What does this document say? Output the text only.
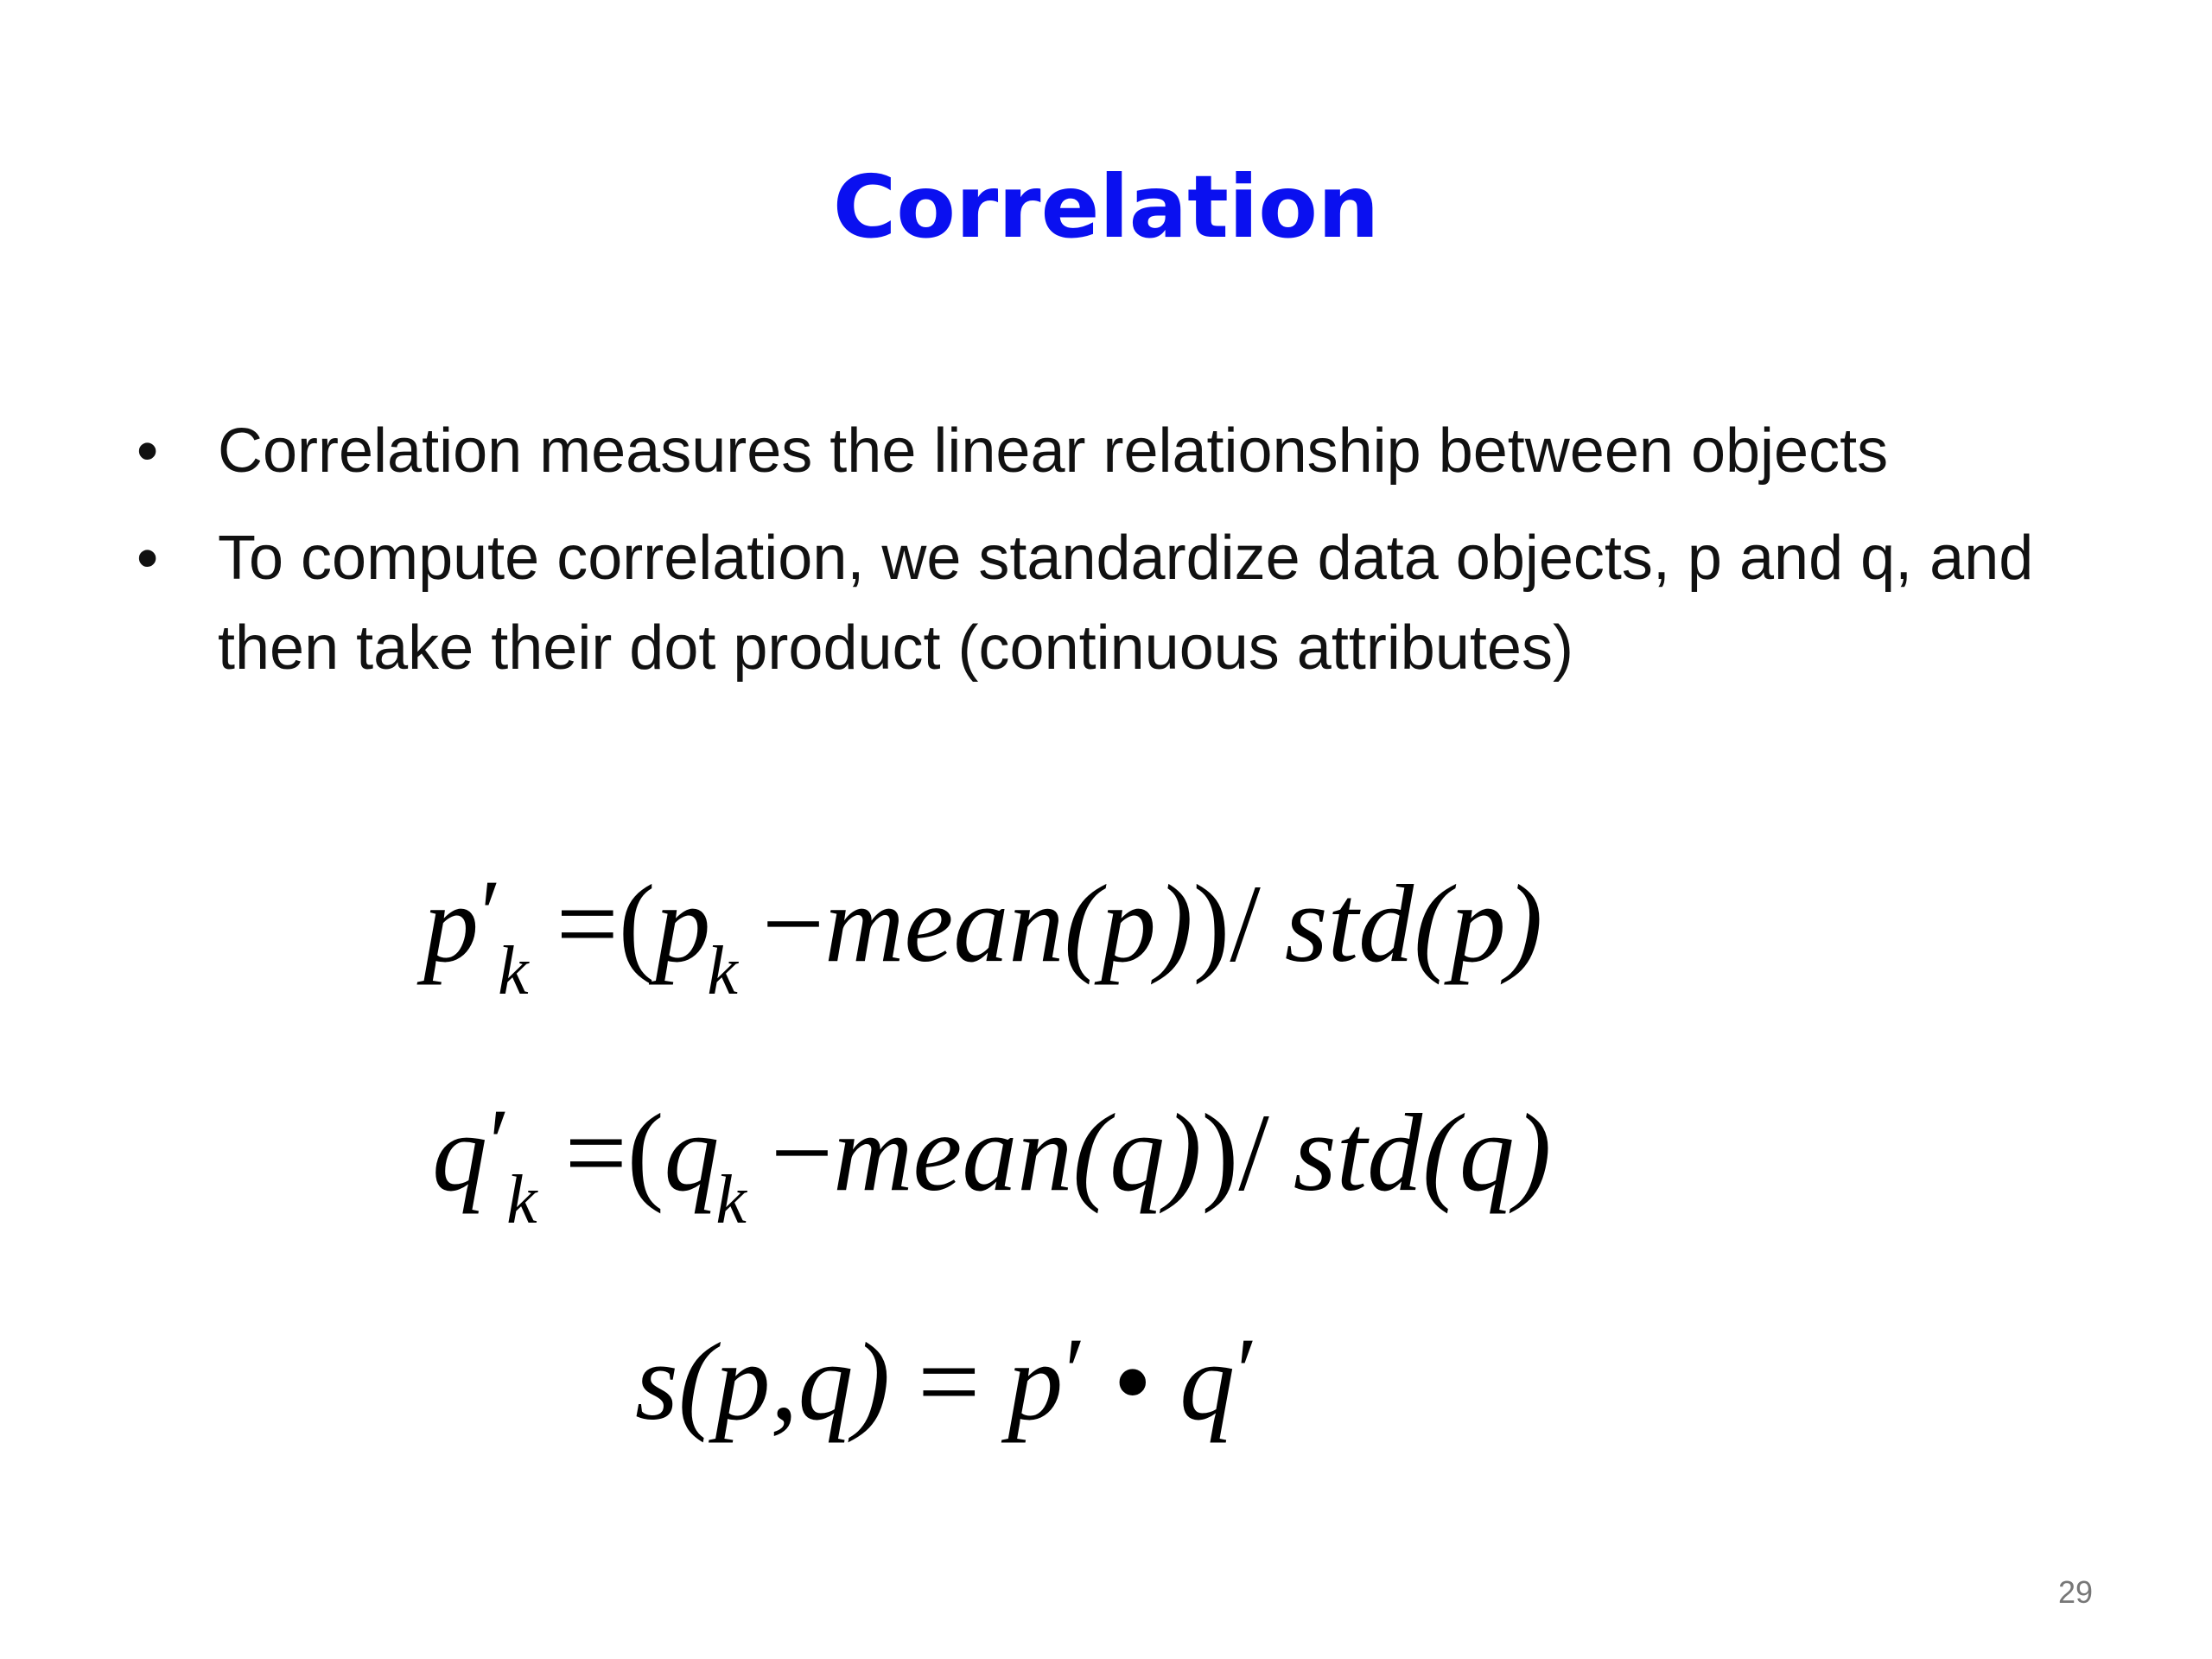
Correlation
• Correlation measures the linear relationship between objects
• To compute correlation, we standardize data objects, p and q, and then take their dot product (continuous attributes)
$p'_k =(p_k$ −mean(p))/ std(p)
$q'_k =(q_k$ −mean(q))/ std(q)
s(p,q) = p′ • q′
29
